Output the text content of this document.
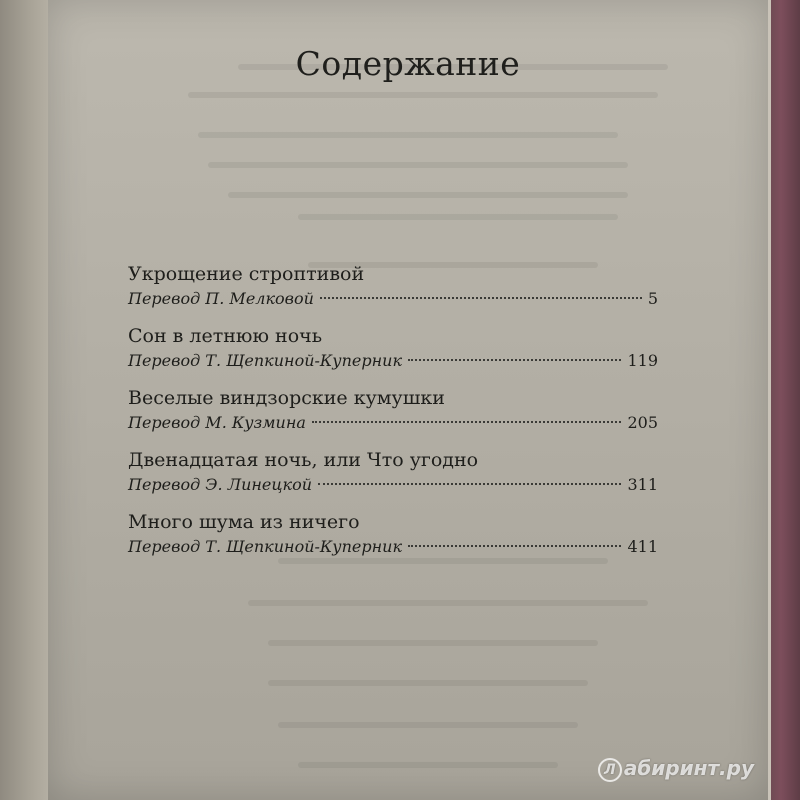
Содержание
Укрощение строптивой
Перевод П. Мелковой	5
Сон в летнюю ночь
Перевод Т. Щепкиной-Куперник	119
Веселые виндзорские кумушки
Перевод М. Кузмина	205
Двенадцатая ночь, или Что угодно
Перевод Э. Линецкой	311
Много шума из ничего
Перевод Т. Щепкиной-Куперник	411
Л абиринт.ру
